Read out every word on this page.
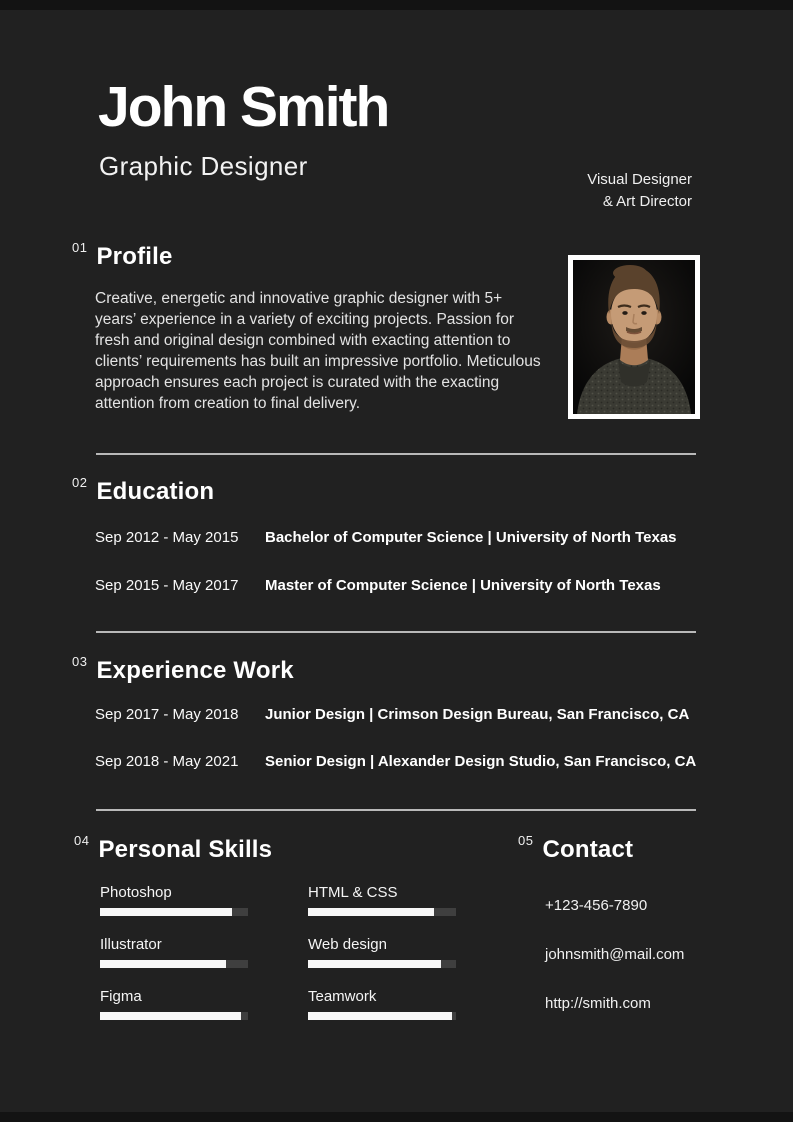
John Smith
Graphic Designer	Visual Designer
& Art Director
$^{01}$ Profile
Creative, energetic and innovative graphic designer with 5+ years’ experience in a variety of exciting projects. Passion for fresh and original design combined with exacting attention to clients’ requirements has built an impressive portfolio. Meticulous approach ensures each project is curated with the exacting attention from creation to final delivery.
$^{02}$ Education
Sep 2012 - May 2015	Bachelor of Computer Science | University of North Texas
Sep 2015 - May 2017	Master of Computer Science | University of North Texas
$^{03}$ Experience Work
Sep 2017 - May 2018	Junior Design | Crimson Design Bureau, San Francisco, CA
Sep 2018 - May 2021	Senior Design | Alexander Design Studio, San Francisco, CA
$^{04}$ Personal Skills
Photoshop
Illustrator
Figma
HTML & CSS
Web design
Teamwork
$^{05}$ Contact
+123-456-7890
johnsmith@mail.com
http://smith.com
